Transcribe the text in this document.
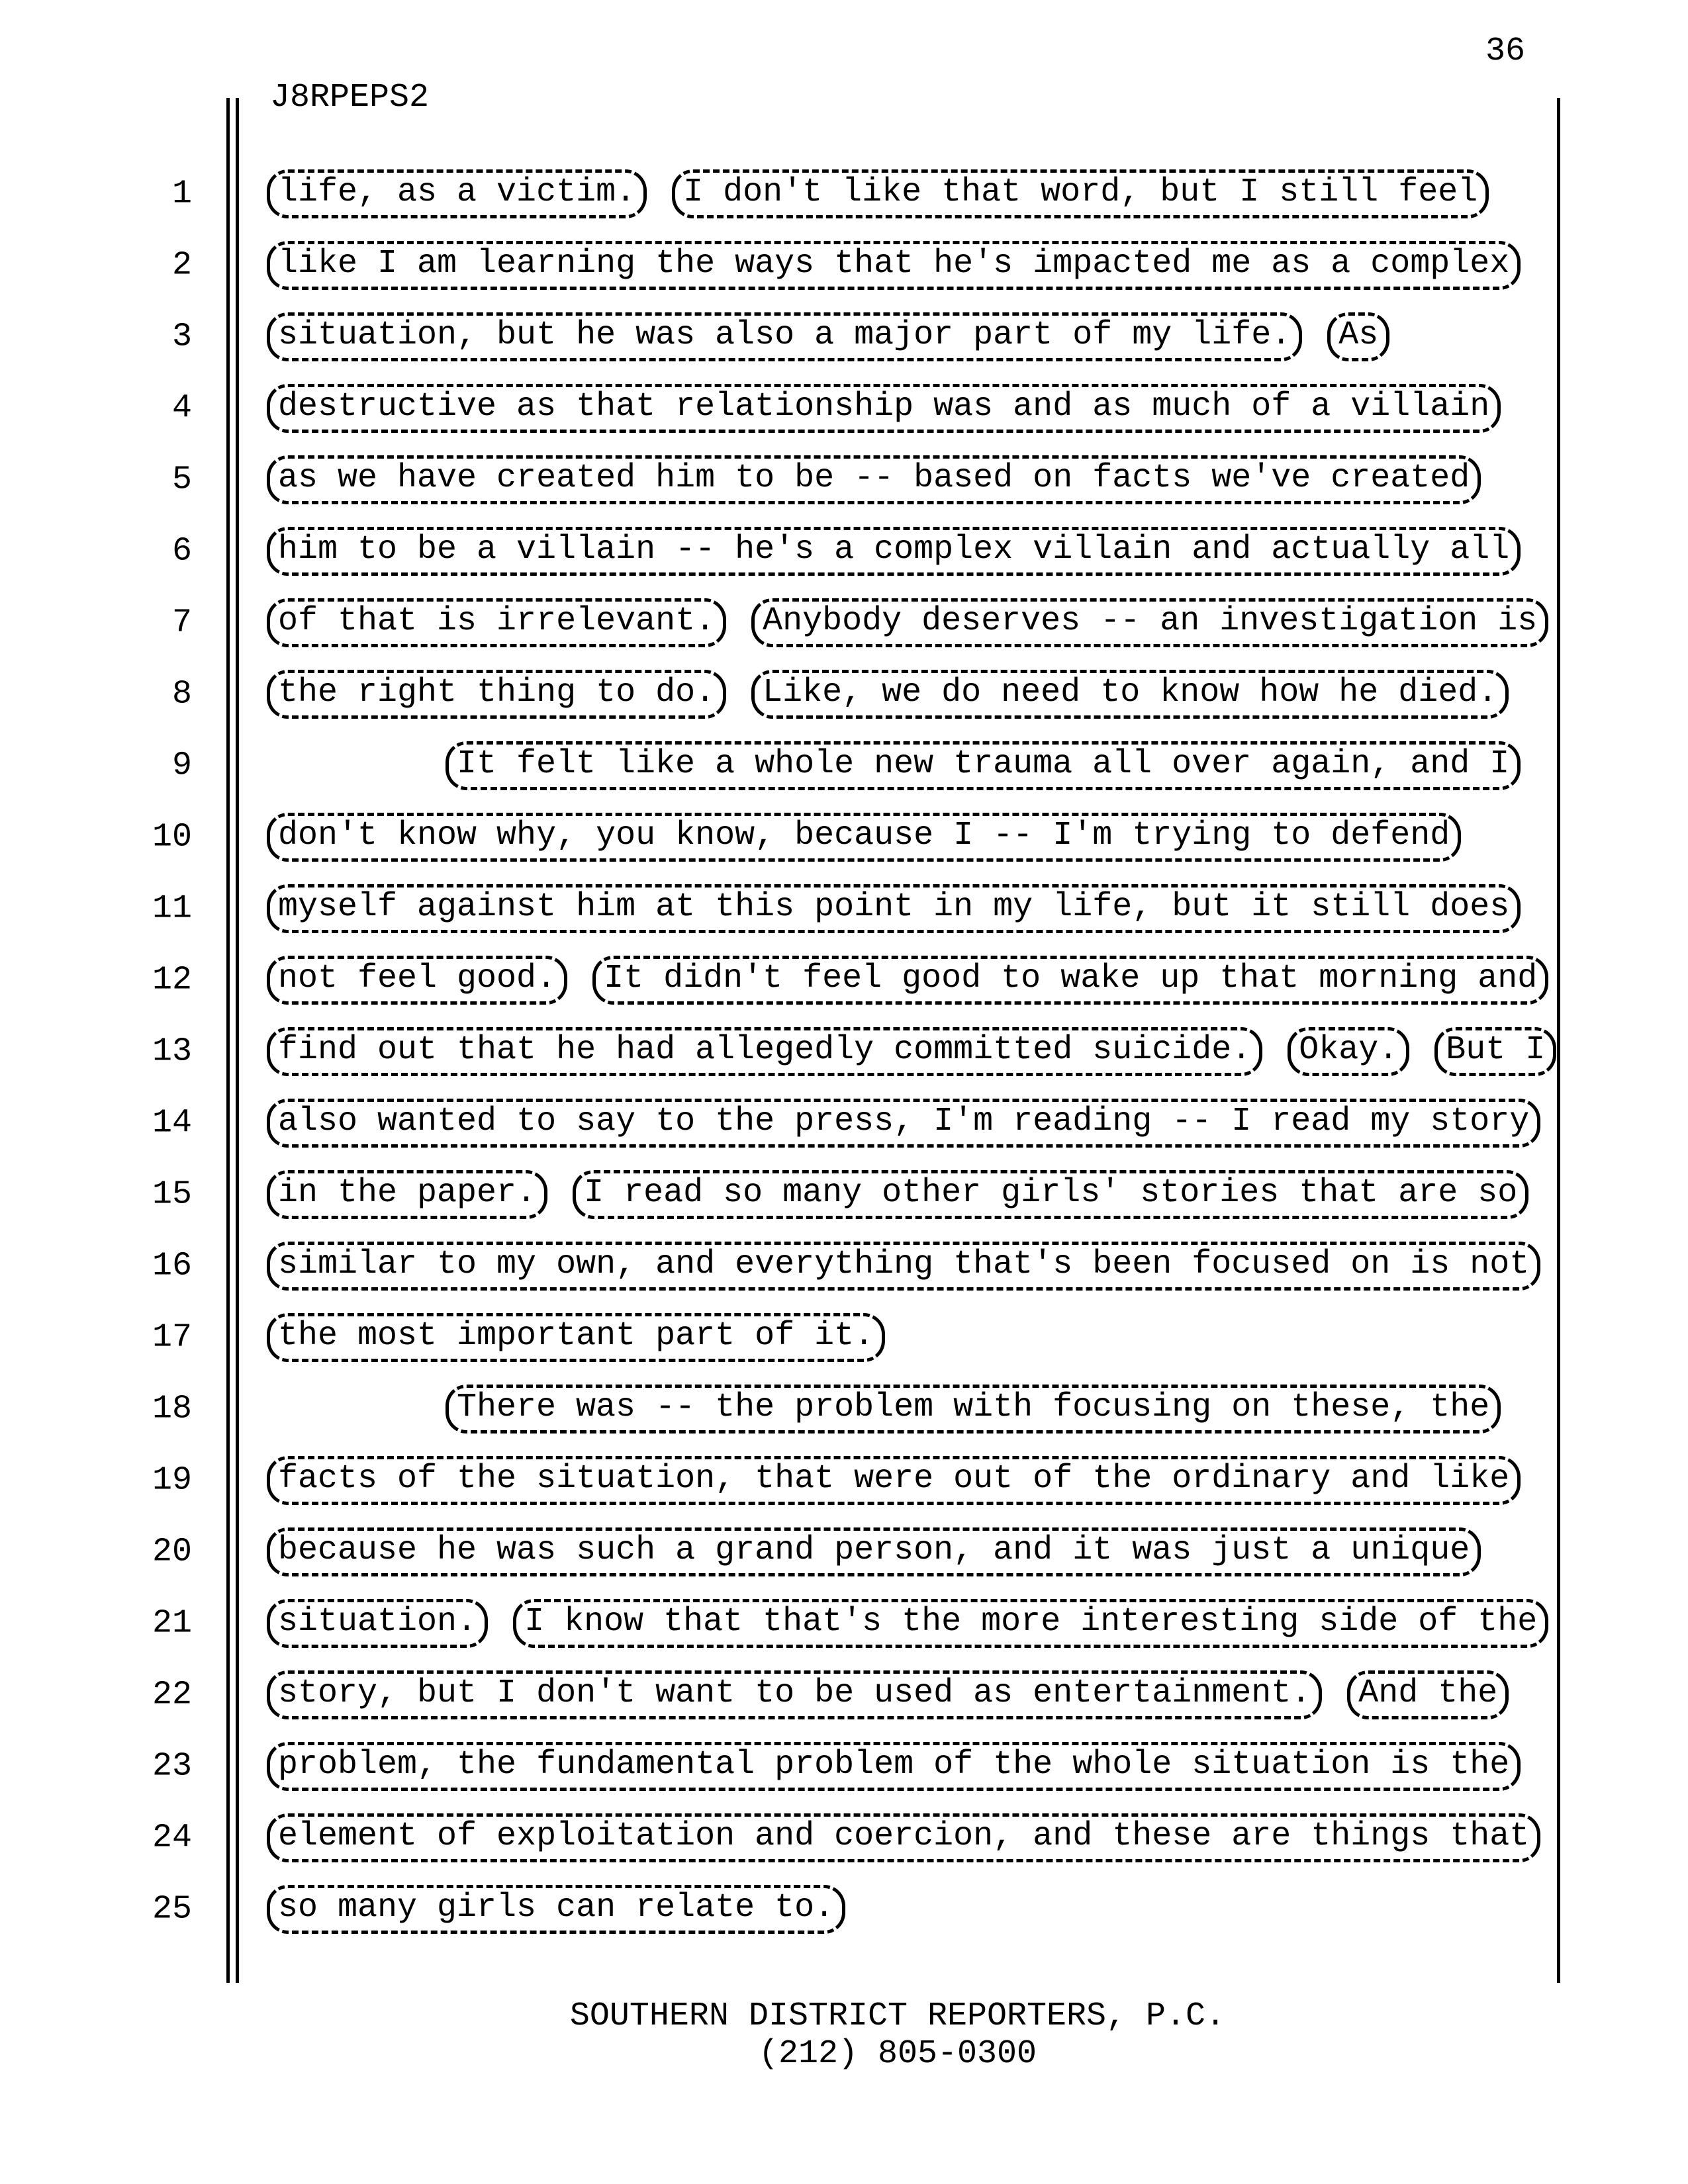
36
J8RPEPS2
1	life, as a victim. I don't like that word, but I still feel
2	like I am learning the ways that he's impacted me as a complex
3	situation, but he was also a major part of my life. As
4	destructive as that relationship was and as much of a villain
5	as we have created him to be -- based on facts we've created
6	him to be a villain -- he's a complex villain and actually all
7	of that is irrelevant. Anybody deserves -- an investigation is
8	the right thing to do. Like, we do need to know how he died.
9	It felt like a whole new trauma all over again, and I
10	don't know why, you know, because I -- I'm trying to defend
11	myself against him at this point in my life, but it still does
12	not feel good. It didn't feel good to wake up that morning and
13	find out that he had allegedly committed suicide. Okay. But I
14	also wanted to say to the press, I'm reading -- I read my story
15	in the paper. I read so many other girls' stories that are so
16	similar to my own, and everything that's been focused on is not
17	the most important part of it.
18	There was -- the problem with focusing on these, the
19	facts of the situation, that were out of the ordinary and like
20	because he was such a grand person, and it was just a unique
21	situation. I know that that's the more interesting side of the
22	story, but I don't want to be used as entertainment. And the
23	problem, the fundamental problem of the whole situation is the
24	element of exploitation and coercion, and these are things that
25	so many girls can relate to.
SOUTHERN DISTRICT REPORTERS, P.C.
(212) 805-0300
